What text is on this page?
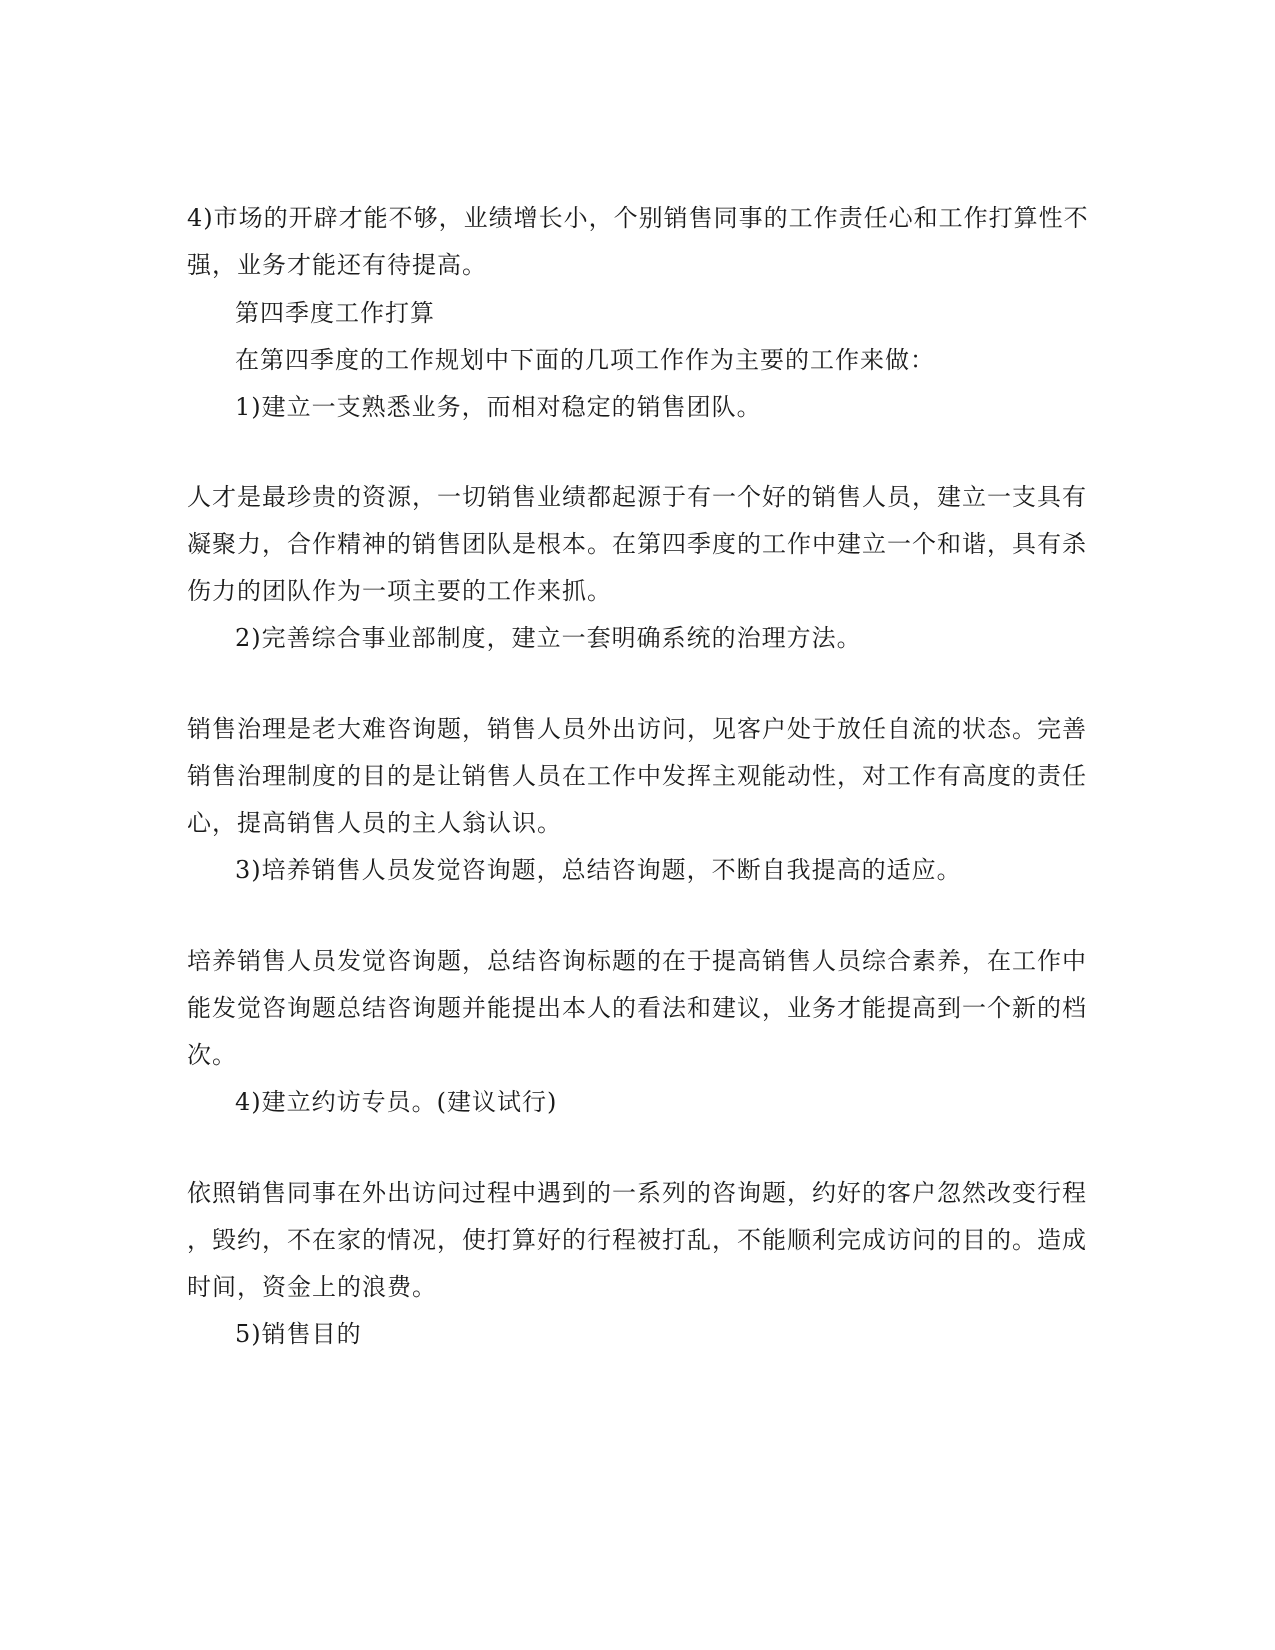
4)市场的开辟才能不够，业绩增长小，个别销售同事的工作责任心和工作打算性不
强，业务才能还有待提高。
第四季度工作打算
在第四季度的工作规划中下面的几项工作作为主要的工作来做：
1)建立一支熟悉业务，而相对稳定的销售团队。
人才是最珍贵的资源，一切销售业绩都起源于有一个好的销售人员，建立一支具有
凝聚力，合作精神的销售团队是根本。在第四季度的工作中建立一个和谐，具有杀
伤力的团队作为一项主要的工作来抓。
2)完善综合事业部制度，建立一套明确系统的治理方法。
销售治理是老大难咨询题，销售人员外出访问，见客户处于放任自流的状态。完善
销售治理制度的目的是让销售人员在工作中发挥主观能动性，对工作有高度的责任
心，提高销售人员的主人翁认识。
3)培养销售人员发觉咨询题，总结咨询题，不断自我提高的适应。
培养销售人员发觉咨询题，总结咨询标题的在于提高销售人员综合素养，在工作中
能发觉咨询题总结咨询题并能提出本人的看法和建议，业务才能提高到一个新的档
次。
4)建立约访专员。(建议试行)
依照销售同事在外出访问过程中遇到的一系列的咨询题，约好的客户忽然改变行程
，毁约，不在家的情况，使打算好的行程被打乱，不能顺利完成访问的目的。造成
时间，资金上的浪费。
5)销售目的
